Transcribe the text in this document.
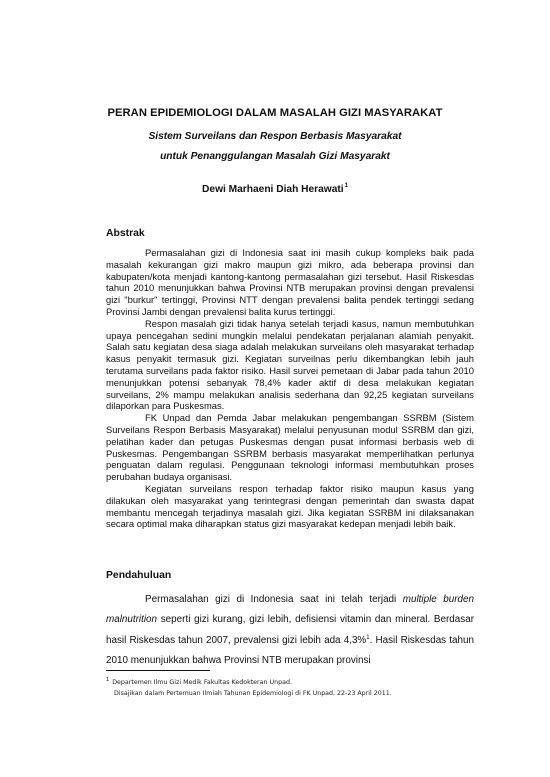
PERAN EPIDEMIOLOGI DALAM MASALAH GIZI MASYARAKAT
Sistem Surveilans dan Respon Berbasis Masyarakat
untuk Penanggulangan Masalah Gizi Masyarakt
Dewi Marhaeni Diah Herawati$^1$
Abstrak

Permasalahan gizi di Indonesia saat ini masih cukup kompleks baik pada masalah kekurangan gizi makro maupun gizi mikro, ada beberapa provinsi dan kabupaten/kota menjadi kantong-kantong permasalahan gizi tersebut. Hasil Riskesdas tahun 2010 menunjukkan bahwa Provinsi NTB merupakan provinsi dengan prevalensi gizi "burkur" tertinggi, Provinsi NTT dengan prevalensi balita pendek tertinggi sedang Provinsi Jambi dengan prevalensi balita kurus tertinggi.

Respon masalah gizi tidak hanya setelah terjadi kasus, namun membutuhkan upaya pencegahan sedini mungkin melalui pendekatan perjalanan alamiah penyakit. Salah satu kegiatan desa siaga adalah melakukan surveilans oleh masyarakat terhadap kasus penyakit termasuk gizi. Kegiatan surveilnas perlu dikembangkan lebih jauh terutama surveilans pada faktor risiko. Hasil survei pemetaan di Jabar pada tahun 2010 menunjukkan potensi sebanyak 78,4% kader aktif di desa melakukan kegiatan surveilans, 2% mampu melakukan analisis sederhana dan 92,25 kegiatan surveilans dilaporkan para Puskesmas.

FK Unpad dan Pemda Jabar melakukan pengembangan SSRBM (Sistem Surveilans Respon Berbasis Masyarakat) melalui penyusunan modul SSRBM dan gizi, pelatihan kader dan petugas Puskesmas dengan pusat informasi berbasis web di Puskesmas. Pengembangan SSRBM berbasis masyarakat memperlihatkan perlunya penguatan dalam regulasi. Penggunaan teknologi informasi membutuhkan proses perubahan budaya organisasi.

Kegiatan surveilans respon terhadap faktor risiko maupun kasus yang dilakukan oleh masyarakat yang terintegrasi dengan pemerintah dan swasta dapat membantu mencegah terjadinya masalah gizi. Jika kegiatan SSRBM ini dilaksanakan secara optimal maka diharapkan status gizi masyarakat kedepan menjadi lebih baik.

Pendahuluan

Permasalahan gizi di Indonesia saat ini telah terjadi multiple burden malnutrition seperti gizi kurang, gizi lebih, defisiensi vitamin dan mineral. Berdasar hasil Riskesdas tahun 2007, prevalensi gizi lebih ada 4,3%$^1$. Hasil Riskesdas tahun 2010 menunjukkan bahwa Provinsi NTB merupakan provinsi

$^1$ Departemen Ilmu Gizi Medik Fakultas Kedokteran Unpad.
Disajikan dalam Pertemuan Ilmiah Tahunan Epidemiologi di FK Unpad, 22-23 April 2011.
